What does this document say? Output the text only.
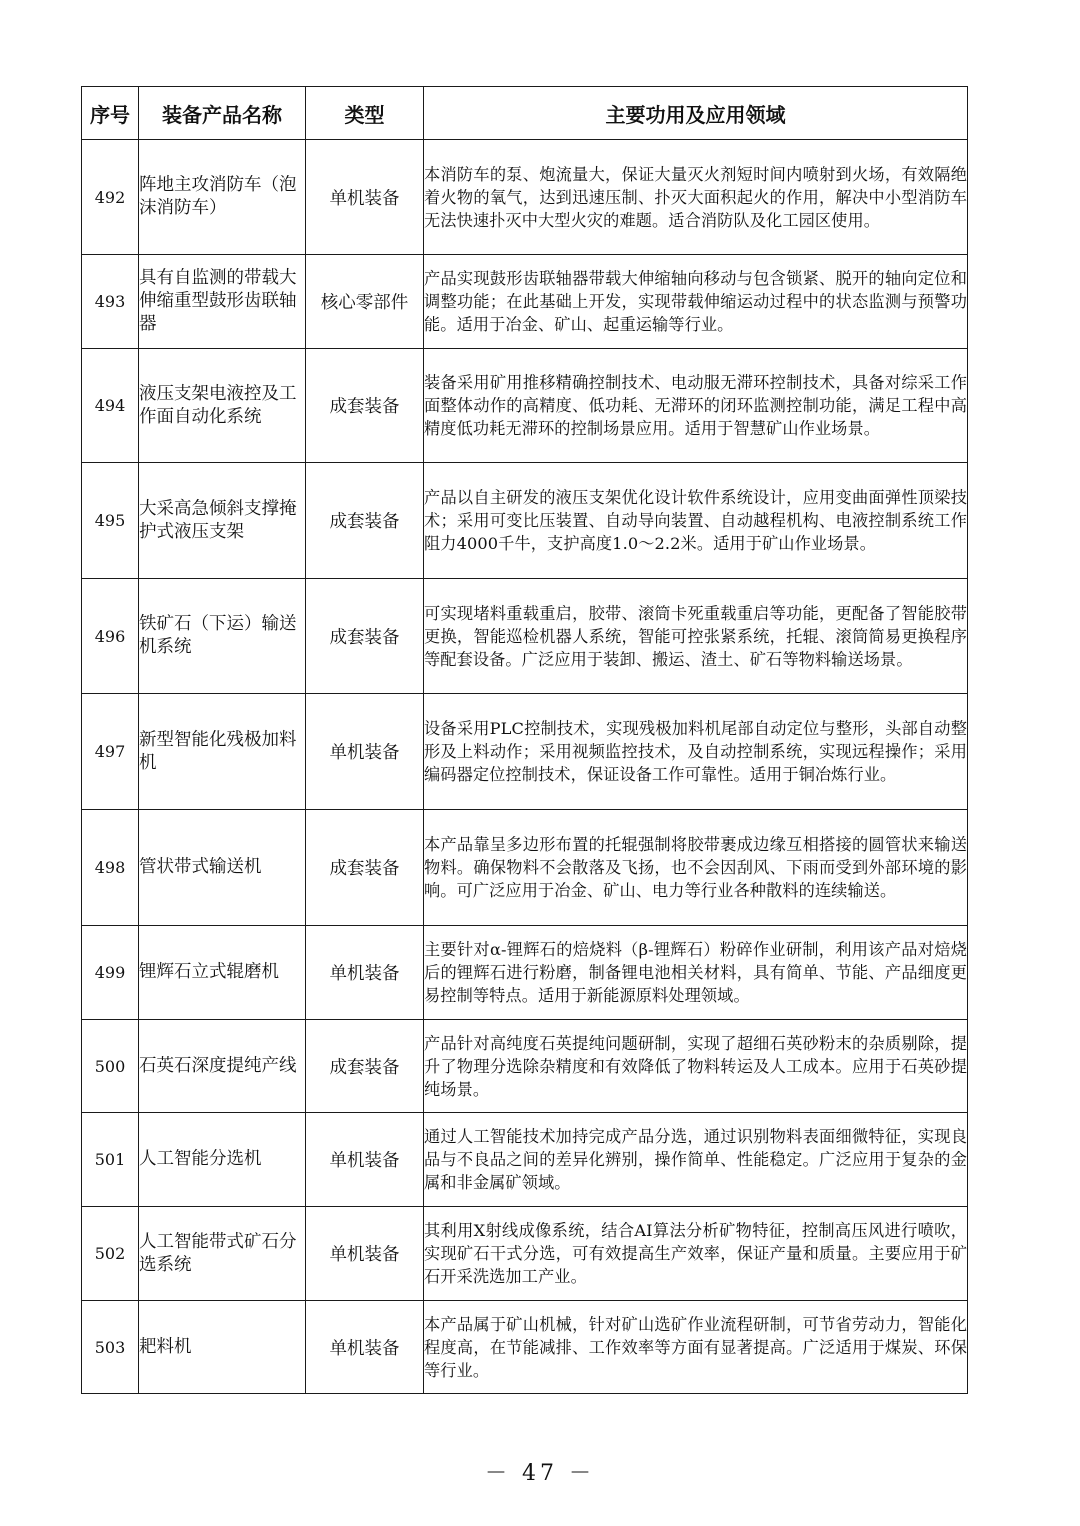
序号	装备产品名称	类型	主要功用及应用领域
492	阵地主攻消防车（泡沫消防车）	单机装备	本消防车的泵、炮流量大，保证大量灭火剂短时间内喷射到火场，有效隔绝着火物的氧气，达到迅速压制、扑灭大面积起火的作用，解决中小型消防车无法快速扑灭中大型火灾的难题。适合消防队及化工园区使用。
493	具有自监测的带载大伸缩重型鼓形齿联轴器	核心零部件	产品实现鼓形齿联轴器带载大伸缩轴向移动与包含锁紧、脱开的轴向定位和调整功能；在此基础上开发，实现带载伸缩运动过程中的状态监测与预警功能。适用于冶金、矿山、起重运输等行业。
494	液压支架电液控及工作面自动化系统	成套装备	装备采用矿用推移精确控制技术、电动服无滞环控制技术，具备对综采工作面整体动作的高精度、低功耗、无滞环的闭环监测控制功能，满足工程中高精度低功耗无滞环的控制场景应用。适用于智慧矿山作业场景。
495	大采高急倾斜支撑掩护式液压支架	成套装备	产品以自主研发的液压支架优化设计软件系统设计，应用变曲面弹性顶梁技术；采用可变比压装置、自动导向装置、自动越程机构、电液控制系统工作阻力4000千牛，支护高度1.0～2.2米。适用于矿山作业场景。
496	铁矿石（下运）输送机系统	成套装备	可实现堵料重载重启，胶带、滚筒卡死重载重启等功能，更配备了智能胶带更换，智能巡检机器人系统，智能可控张紧系统，托辊、滚筒简易更换程序等配套设备。广泛应用于装卸、搬运、渣土、矿石等物料输送场景。
497	新型智能化残极加料机	单机装备	设备采用PLC控制技术，实现残极加料机尾部自动定位与整形，头部自动整形及上料动作；采用视频监控技术，及自动控制系统，实现远程操作；采用编码器定位控制技术，保证设备工作可靠性。适用于铜冶炼行业。
498	管状带式输送机	成套装备	本产品靠呈多边形布置的托辊强制将胶带裹成边缘互相搭接的圆管状来输送物料。确保物料不会散落及飞扬，也不会因刮风、下雨而受到外部环境的影响。可广泛应用于冶金、矿山、电力等行业各种散料的连续输送。
499	锂辉石立式辊磨机	单机装备	主要针对α-锂辉石的焙烧料（β-锂辉石）粉碎作业研制，利用该产品对焙烧后的锂辉石进行粉磨，制备锂电池相关材料，具有简单、节能、产品细度更易控制等特点。适用于新能源原料处理领域。
500	石英石深度提纯产线	成套装备	产品针对高纯度石英提纯问题研制，实现了超细石英砂粉末的杂质剔除，提升了物理分选除杂精度和有效降低了物料转运及人工成本。应用于石英砂提纯场景。
501	人工智能分选机	单机装备	通过人工智能技术加持完成产品分选，通过识别物料表面细微特征，实现良品与不良品之间的差异化辨别，操作简单、性能稳定。广泛应用于复杂的金属和非金属矿领域。
502	人工智能带式矿石分选系统	单机装备	其利用X射线成像系统，结合AI算法分析矿物特征，控制高压风进行喷吹，实现矿石干式分选，可有效提高生产效率，保证产量和质量。主要应用于矿石开采洗选加工产业。
503	耙料机	单机装备	本产品属于矿山机械，针对矿山选矿作业流程研制，可节省劳动力，智能化程度高，在节能减排、工作效率等方面有显著提高。广泛适用于煤炭、环保等行业。
－ 47 －
